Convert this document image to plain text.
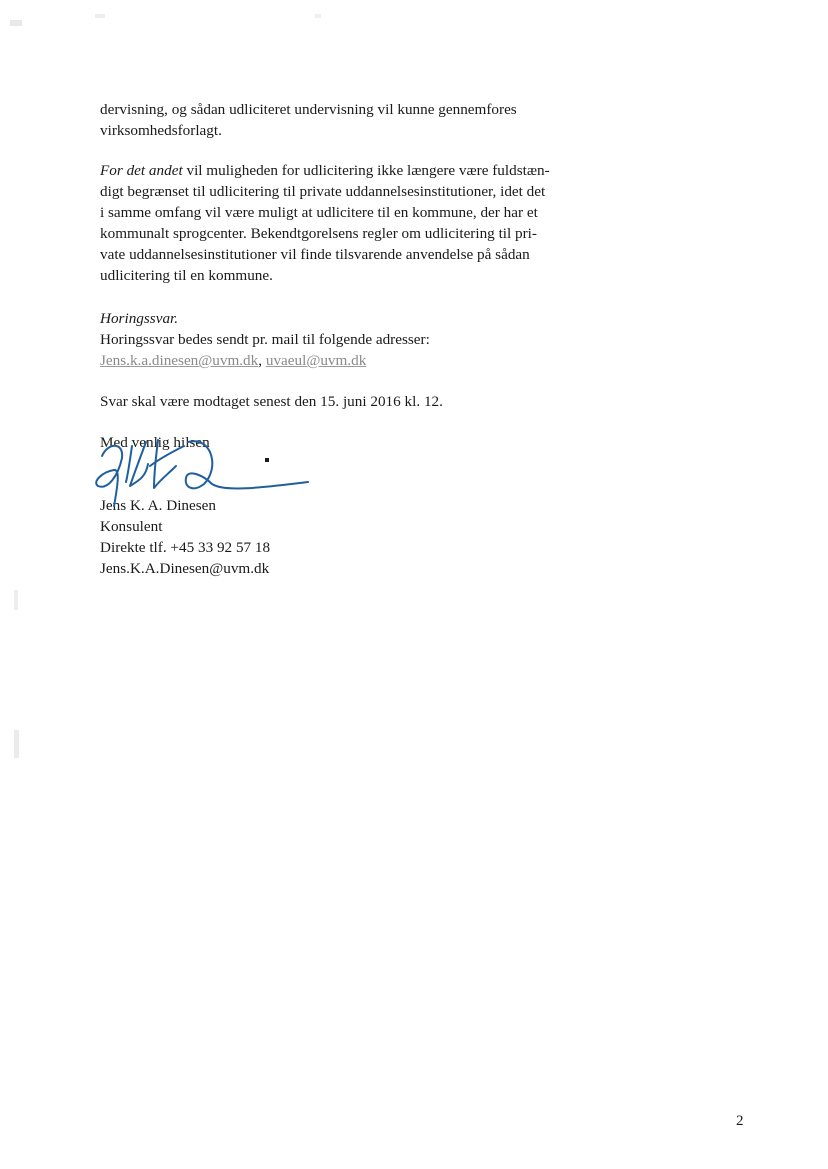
dervisning, og sådan udliciteret undervisning vil kunne gennemfores
virksomhedsforlagt.
For det andet vil muligheden for udlicitering ikke længere være fuldstæn-
digt begrænset til udlicitering til private uddannelsesinstitutioner, idet det
i samme omfang vil være muligt at udlicitere til en kommune, der har et
kommunalt sprogcenter. Bekendtgorelsens regler om udlicitering til pri-
vate uddannelsesinstitutioner vil finde tilsvarende anvendelse på sådan
udlicitering til en kommune.
Horingssvar.
Horingssvar bedes sendt pr. mail til folgende adresser:
Jens.k.a.dinesen@uvm.dk, uvaeul@uvm.dk
Svar skal være modtaget senest den 15. juni 2016 kl. 12.
Med venlig hilsen
Jens K. A. Dinesen
Konsulent
Direkte tlf. +45 33 92 57 18
Jens.K.A.Dinesen@uvm.dk
2
